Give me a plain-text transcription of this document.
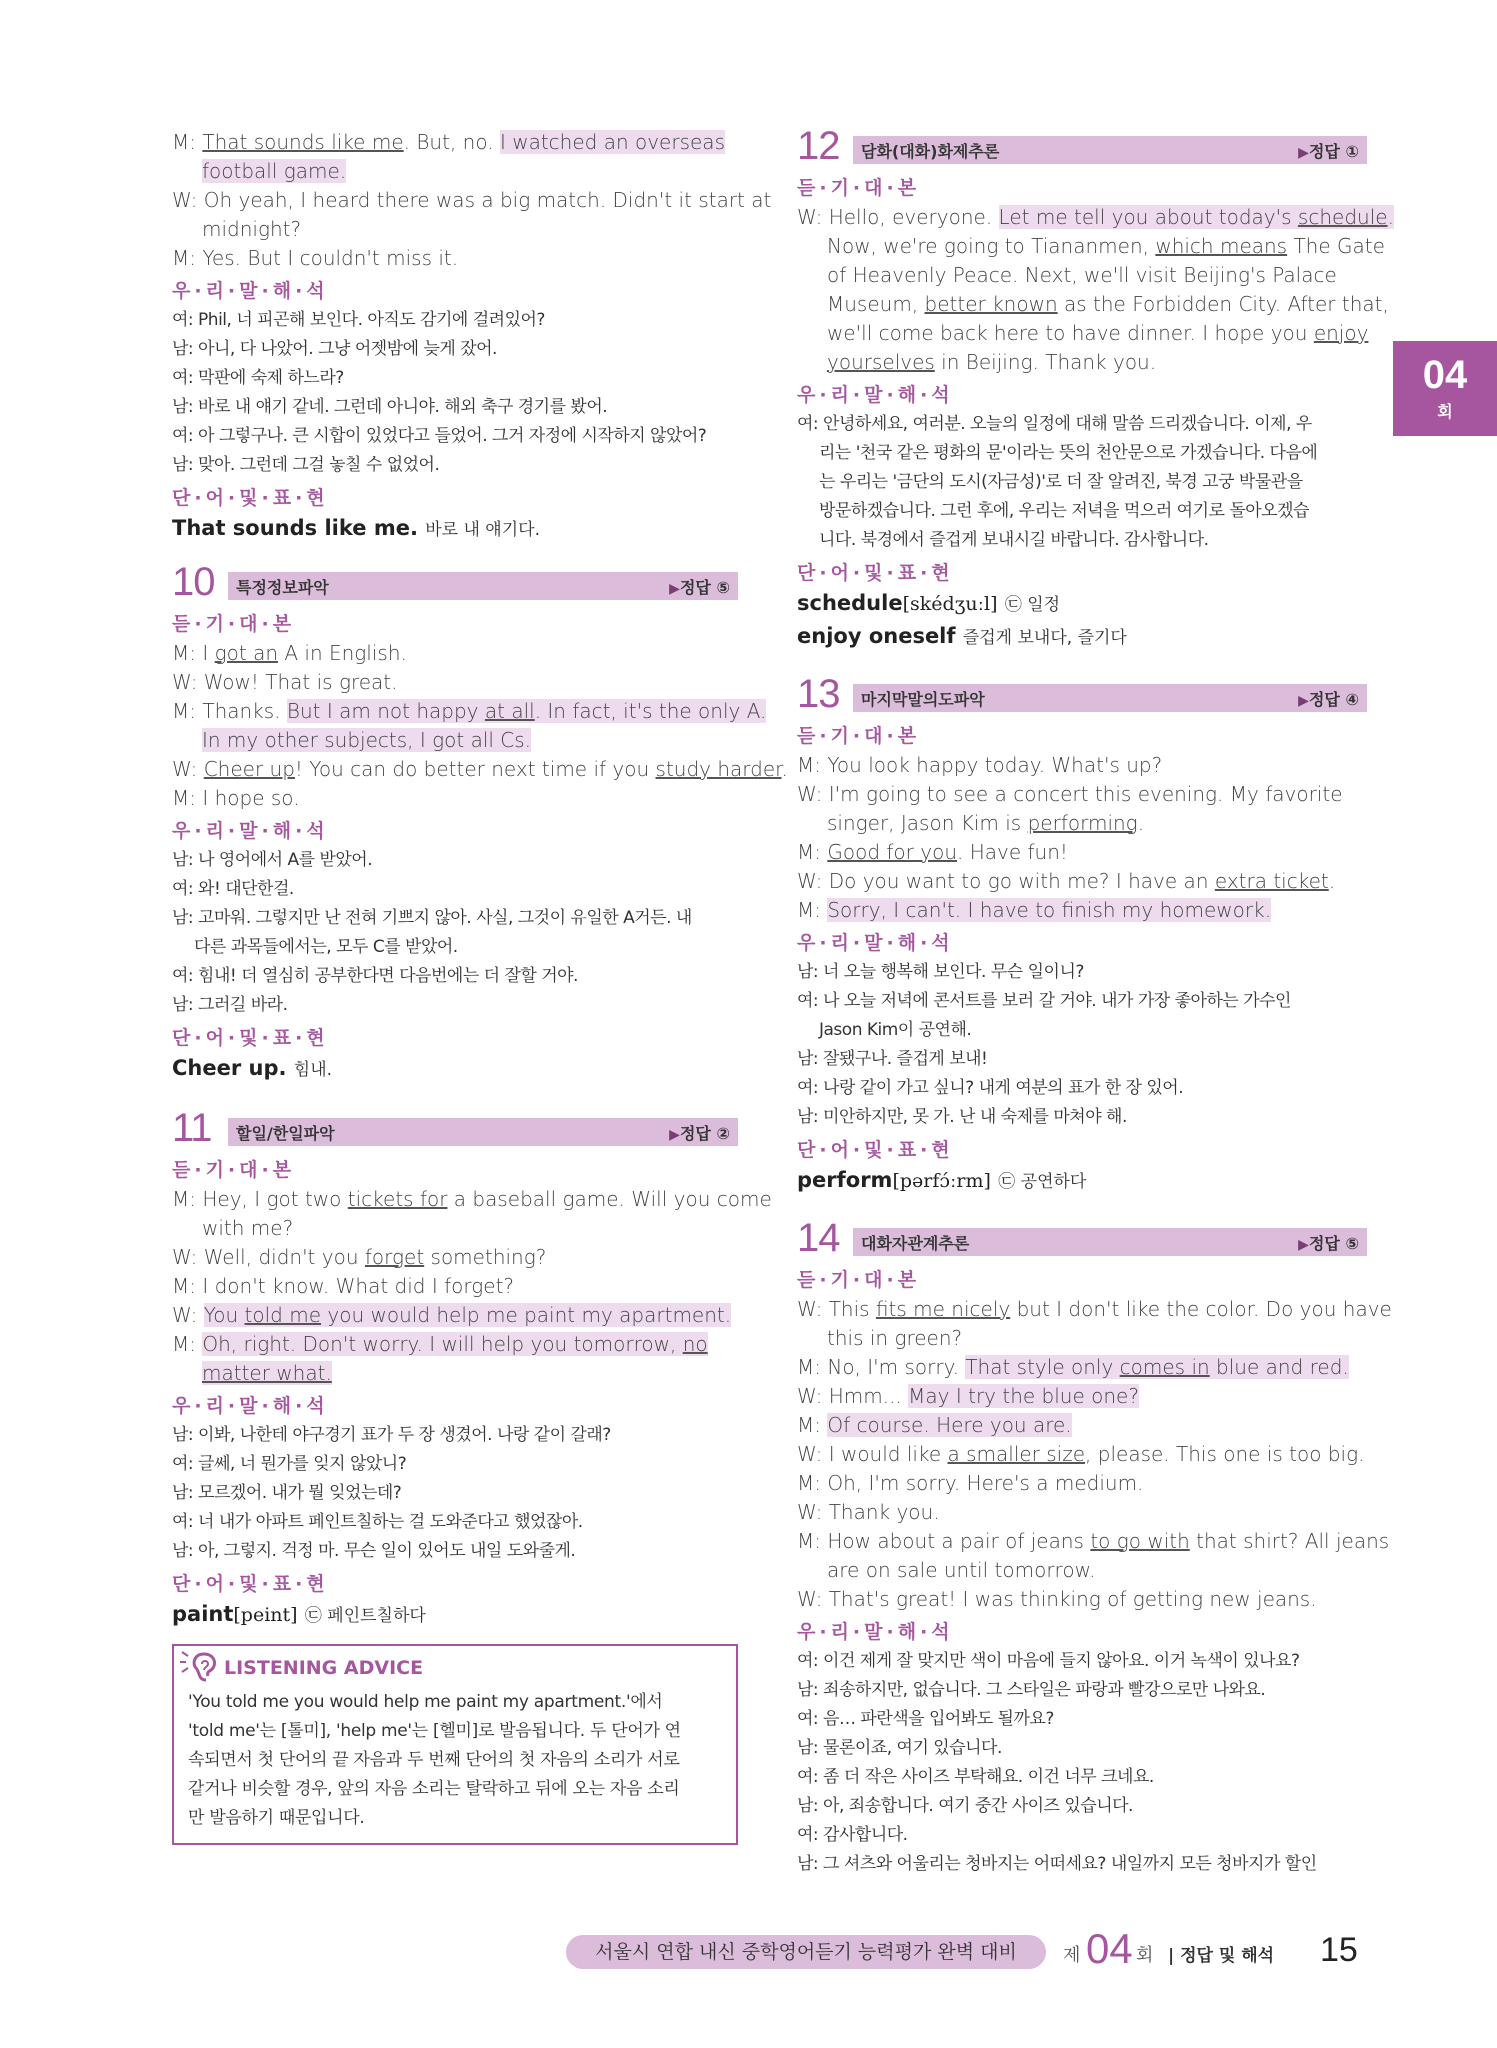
04
회
M: That sounds like me. But, no. I watched an overseas
football game.
W: Oh yeah, I heard there was a big match. Didn't it start at
midnight?
M: Yes. But I couldn't miss it.
우·리·말·해·석
여: Phil, 너 피곤해 보인다. 아직도 감기에 걸려있어?
남: 아니, 다 나았어. 그냥 어젯밤에 늦게 잤어.
여: 막판에 숙제 하느라?
남: 바로 내 얘기 같네. 그런데 아니야. 해외 축구 경기를 봤어.
여: 아 그렇구나. 큰 시합이 있었다고 들었어. 그거 자정에 시작하지 않았어?
남: 맞아. 그런데 그걸 놓칠 수 없었어.
단·어·및·표·현
That sounds like me. 바로 내 얘기다.
10 특정정보파악	▶정답 ⑤
듣·기·대·본
M: I got an A in English.
W: Wow! That is great.
M: Thanks. But I am not happy at all. In fact, it's the only A.
In my other subjects, I got all Cs.
W: Cheer up! You can do better next time if you study harder.
M: I hope so.
우·리·말·해·석
남: 나 영어에서 A를 받았어.
여: 와! 대단한걸.
남: 고마워. 그렇지만 난 전혀 기쁘지 않아. 사실, 그것이 유일한 A거든. 내
다른 과목들에서는, 모두 C를 받았어.
여: 힘내! 더 열심히 공부한다면 다음번에는 더 잘할 거야.
남: 그러길 바라.
단·어·및·표·현
Cheer up. 힘내.
11 할일/한일파악	▶정답 ②
듣·기·대·본
M: Hey, I got two tickets for a baseball game. Will you come
with me?
W: Well, didn't you forget something?
M: I don't know. What did I forget?
W: You told me you would help me paint my apartment.
M: Oh, right. Don't worry. I will help you tomorrow, no
matter what.
우·리·말·해·석
남: 이봐, 나한테 야구경기 표가 두 장 생겼어. 나랑 같이 갈래?
여: 글쎄, 너 뭔가를 잊지 않았니?
남: 모르겠어. 내가 뭘 잊었는데?
여: 너 내가 아파트 페인트칠하는 걸 도와준다고 했었잖아.
남: 아, 그렇지. 걱정 마. 무슨 일이 있어도 내일 도와줄게.
단·어·및·표·현
paint[peint] ㉢ 페인트칠하다
LISTENING ADVICE
'You told me you would help me paint my apartment.'에서
'told me'는 [톨미], 'help me'는 [헬미]로 발음됩니다. 두 단어가 연
속되면서 첫 단어의 끝 자음과 두 번째 단어의 첫 자음의 소리가 서로
같거나 비슷할 경우, 앞의 자음 소리는 탈락하고 뒤에 오는 자음 소리
만 발음하기 때문입니다.
12 담화(대화)화제추론	▶정답 ①
듣·기·대·본
W: Hello, everyone. Let me tell you about today's schedule.
Now, we're going to Tiananmen, which means The Gate
of Heavenly Peace. Next, we'll visit Beijing's Palace
Museum, better known as the Forbidden City. After that,
we'll come back here to have dinner. I hope you enjoy
yourselves in Beijing. Thank you.
우·리·말·해·석
여: 안녕하세요, 여러분. 오늘의 일정에 대해 말씀 드리겠습니다. 이제, 우
리는 '천국 같은 평화의 문'이라는 뜻의 천안문으로 가겠습니다. 다음에
는 우리는 '금단의 도시(자금성)'로 더 잘 알려진, 북경 고궁 박물관을
방문하겠습니다. 그런 후에, 우리는 저녁을 먹으러 여기로 돌아오겠습
니다. 북경에서 즐겁게 보내시길 바랍니다. 감사합니다.
단·어·및·표·현
schedule[skédʒuːl] ㉢ 일정
enjoy oneself 즐겁게 보내다, 즐기다
13 마지막말의도파악	▶정답 ④
듣·기·대·본
M: You look happy today. What's up?
W: I'm going to see a concert this evening. My favorite
singer, Jason Kim is performing.
M: Good for you. Have fun!
W: Do you want to go with me? I have an extra ticket.
M: Sorry, I can't. I have to finish my homework.
우·리·말·해·석
남: 너 오늘 행복해 보인다. 무슨 일이니?
여: 나 오늘 저녁에 콘서트를 보러 갈 거야. 내가 가장 좋아하는 가수인
Jason Kim이 공연해.
남: 잘됐구나. 즐겁게 보내!
여: 나랑 같이 가고 싶니? 내게 여분의 표가 한 장 있어.
남: 미안하지만, 못 가. 난 내 숙제를 마쳐야 해.
단·어·및·표·현
perform[pərfɔ́ːrm] ㉢ 공연하다
14 대화자관계추론	▶정답 ⑤
듣·기·대·본
W: This fits me nicely but I don't like the color. Do you have
this in green?
M: No, I'm sorry. That style only comes in blue and red.
W: Hmm... May I try the blue one?
M: Of course. Here you are.
W: I would like a smaller size, please. This one is too big.
M: Oh, I'm sorry. Here's a medium.
W: Thank you.
M: How about a pair of jeans to go with that shirt? All jeans
are on sale until tomorrow.
W: That's great! I was thinking of getting new jeans.
우·리·말·해·석
여: 이건 제게 잘 맞지만 색이 마음에 들지 않아요. 이거 녹색이 있나요?
남: 죄송하지만, 없습니다. 그 스타일은 파랑과 빨강으로만 나와요.
여: 음… 파란색을 입어봐도 될까요?
남: 물론이죠, 여기 있습니다.
여: 좀 더 작은 사이즈 부탁해요. 이건 너무 크네요.
남: 아, 죄송합니다. 여기 중간 사이즈 있습니다.
여: 감사합니다.
남: 그 셔츠와 어울리는 청바지는 어떠세요? 내일까지 모든 청바지가 할인
서울시 연합 내신 중학영어듣기 능력평가 완벽 대비	제 04 회 | 정답 및 해석 15
